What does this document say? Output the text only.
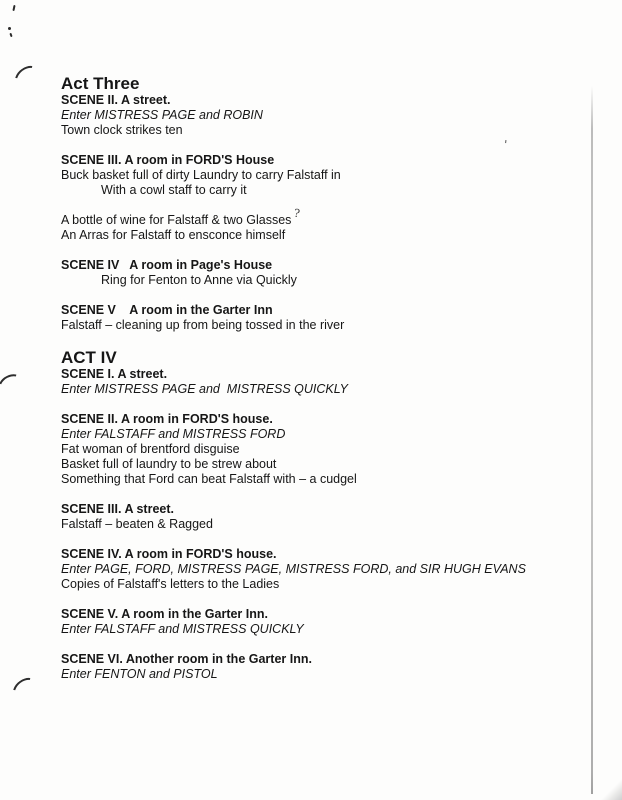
'
Act Three
SCENE II. A street.
Enter MISTRESS PAGE and ROBIN
Town clock strikes ten
SCENE III. A room in FORD'S House
Buck basket full of dirty Laundry to carry Falstaff in
With a cowl staff to carry it
A bottle of wine for Falstaff & two Glasses ?
An Arras for Falstaff to ensconce himself
SCENE IV   A room in Page's House
Ring for Fenton to Anne via Quickly
SCENE V    A room in the Garter Inn
Falstaff – cleaning up from being tossed in the river
ACT IV
SCENE I. A street.
Enter MISTRESS PAGE and  MISTRESS QUICKLY
SCENE II. A room in FORD'S house.
Enter FALSTAFF and MISTRESS FORD
Fat woman of brentford disguise
Basket full of laundry to be strew about
Something that Ford can beat Falstaff with – a cudgel
SCENE III. A street.
Falstaff – beaten & Ragged
SCENE IV. A room in FORD'S house.
Enter PAGE, FORD, MISTRESS PAGE, MISTRESS FORD, and SIR HUGH EVANS
Copies of Falstaff's letters to the Ladies
SCENE V. A room in the Garter Inn.
Enter FALSTAFF and MISTRESS QUICKLY
SCENE VI. Another room in the Garter Inn.
Enter FENTON and PISTOL
